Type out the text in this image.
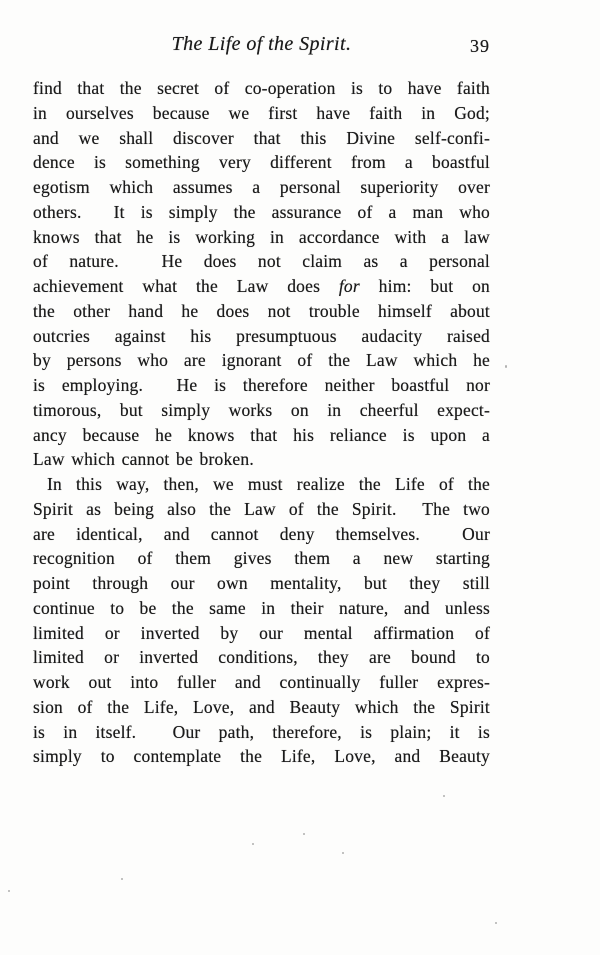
The Life of the Spirit.	39
find that the secret of co-operation is to have faith
in ourselves because we first have faith in God;
and we shall discover that this Divine self-confi-
dence is something very different from a boastful
egotism which assumes a personal superiority over
others.  It is simply the assurance of a man who
knows that he is working in accordance with a law
of nature.  He does not claim as a personal
achievement what the Law does for him: but on
the other hand he does not trouble himself about
outcries against his presumptuous audacity raised
by persons who are ignorant of the Law which he
is employing.  He is therefore neither boastful nor
timorous, but simply works on in cheerful expect-
ancy because he knows that his reliance is upon a
Law which cannot be broken.
In this way, then, we must realize the Life of the
Spirit as being also the Law of the Spirit.  The two
are identical, and cannot deny themselves.  Our
recognition of them gives them a new starting
point through our own mentality, but they still
continue to be the same in their nature, and unless
limited or inverted by our mental affirmation of
limited or inverted conditions, they are bound to
work out into fuller and continually fuller expres-
sion of the Life, Love, and Beauty which the Spirit
is in itself.  Our path, therefore, is plain; it is
simply to contemplate the Life, Love, and Beauty
